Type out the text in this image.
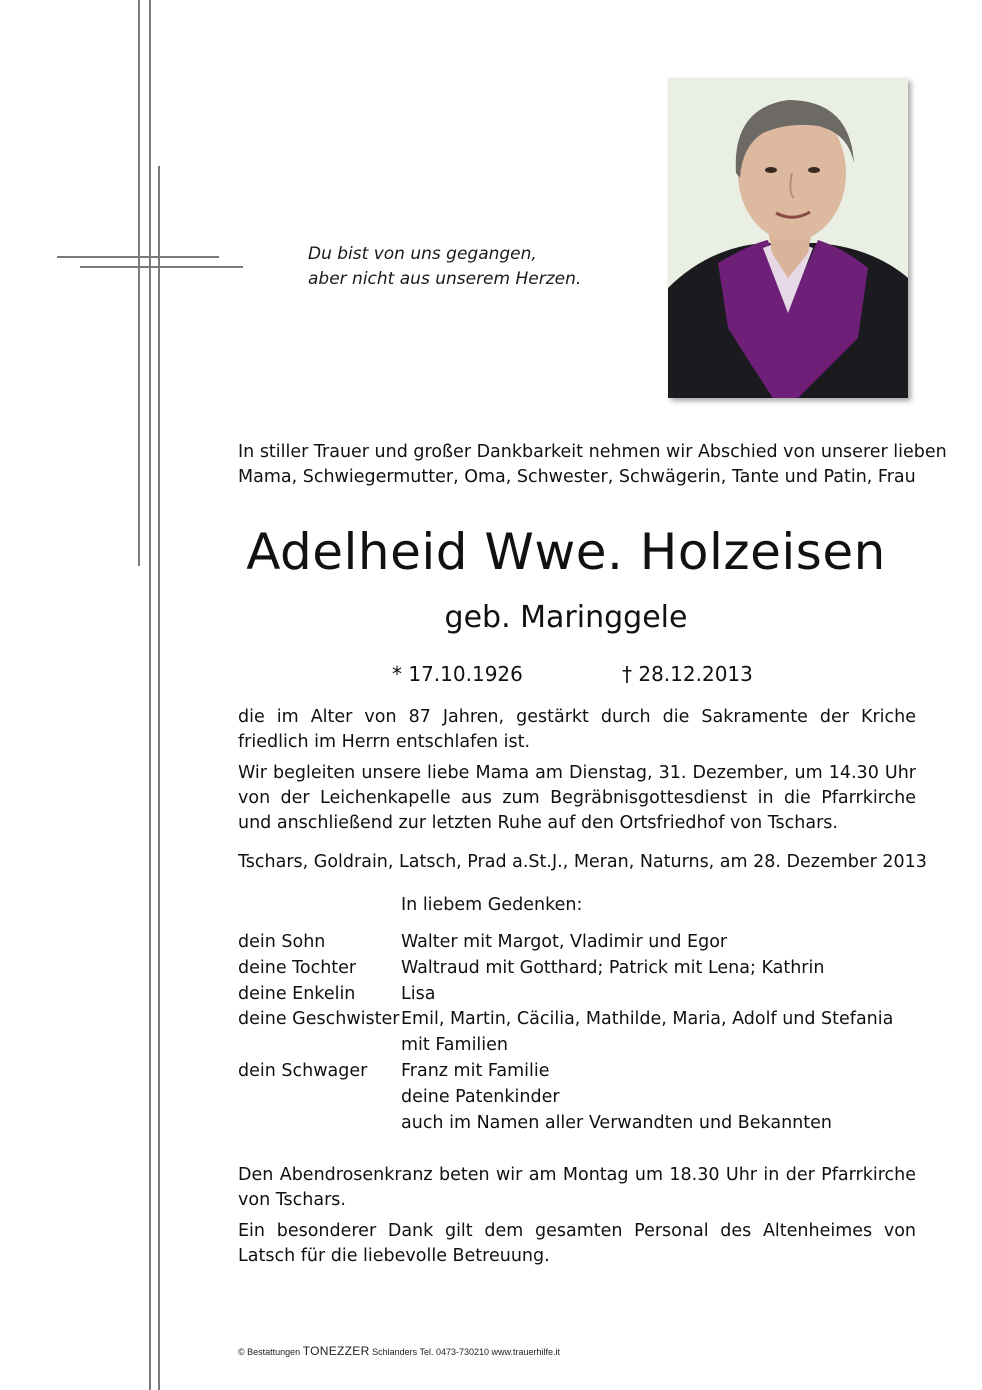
Du bist von uns gegangen,
aber nicht aus unserem Herzen.
In stiller Trauer und großer Dankbarkeit nehmen wir Abschied von unserer lieben
Mama, Schwiegermutter, Oma, Schwester, Schwägerin, Tante und Patin, Frau
Adelheid Wwe. Holzeisen
geb. Maringgele
* 17.10.1926	† 28.12.2013
die im Alter von 87 Jahren, gestärkt durch die Sakramente der Kriche friedlich im Herrn entschlafen ist.
Wir begleiten unsere liebe Mama am Dienstag, 31. Dezember, um 14.30 Uhr von der Leichenkapelle aus zum Begräbnisgottesdienst in die Pfarrkirche und anschließend zur letzten Ruhe auf den Ortsfriedhof von Tschars.
Tschars, Goldrain, Latsch, Prad a.St.J., Meran, Naturns, am 28. Dezember 2013
In liebem Gedenken:
dein Sohn	Walter mit Margot, Vladimir und Egor
deine Tochter	Waltraud mit Gotthard; Patrick mit Lena; Kathrin
deine Enkelin	Lisa
deine Geschwister Emil, Martin, Cäcilia, Mathilde, Maria, Adolf und Stefania
mit Familien
dein Schwager Franz mit Familie
deine Patenkinder
auch im Namen aller Verwandten und Bekannten
Den Abendrosenkranz beten wir am Montag um 18.30 Uhr in der Pfarrkirche von Tschars.
Ein besonderer Dank gilt dem gesamten Personal des Altenheimes von Latsch für die liebevolle Betreuung.
© Bestattungen TONEZZER Schlanders Tel. 0473-730210 www.trauerhilfe.it
